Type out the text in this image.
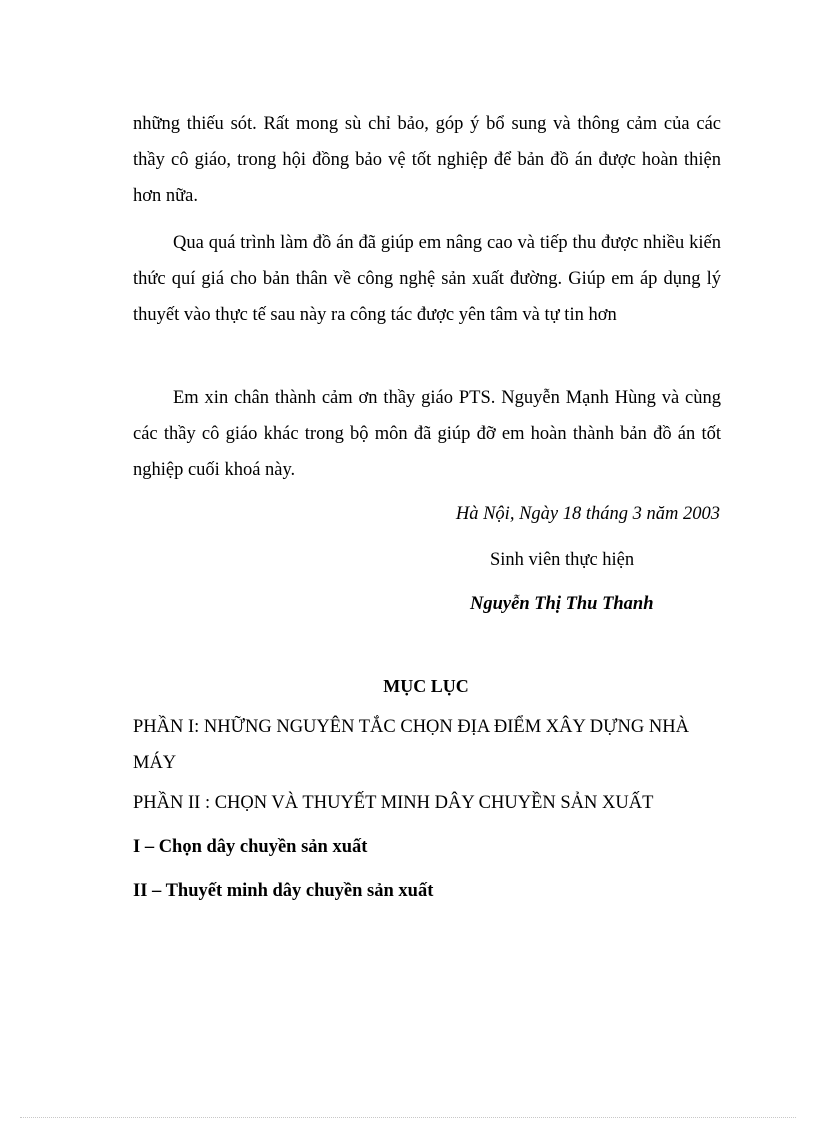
những thiếu sót. Rất mong sù chỉ bảo, góp ý bổ sung và thông cảm của các thầy cô giáo, trong hội đồng bảo vệ tốt nghiệp để bản đồ án được hoàn thiện hơn nữa.

Qua quá trình làm đồ án đã giúp em nâng cao và tiếp thu được nhiều kiến thức quí giá cho bản thân về công nghệ sản xuất đường. Giúp em áp dụng lý thuyết vào thực tế sau này ra công tác được yên tâm và tự tin hơn

Em xin chân thành cảm ơn thầy giáo PTS. Nguyễn Mạnh Hùng và cùng các thầy cô giáo khác trong bộ môn đã giúp đỡ em hoàn thành bản đồ án tốt nghiệp cuối khoá này.

Hà Nội, Ngày 18 tháng 3 năm 2003

Sinh viên thực hiện

Nguyễn Thị Thu Thanh

MỤC LỤC

PHẦN I: NHỮNG NGUYÊN TẮC CHỌN ĐỊA ĐIỂM XÂY DỰNG NHÀ MÁY

PHẦN II : CHỌN VÀ THUYẾT MINH DÂY CHUYỀN SẢN XUẤT

I – Chọn dây chuyền sản xuất

II – Thuyết minh dây chuyền sản xuất
